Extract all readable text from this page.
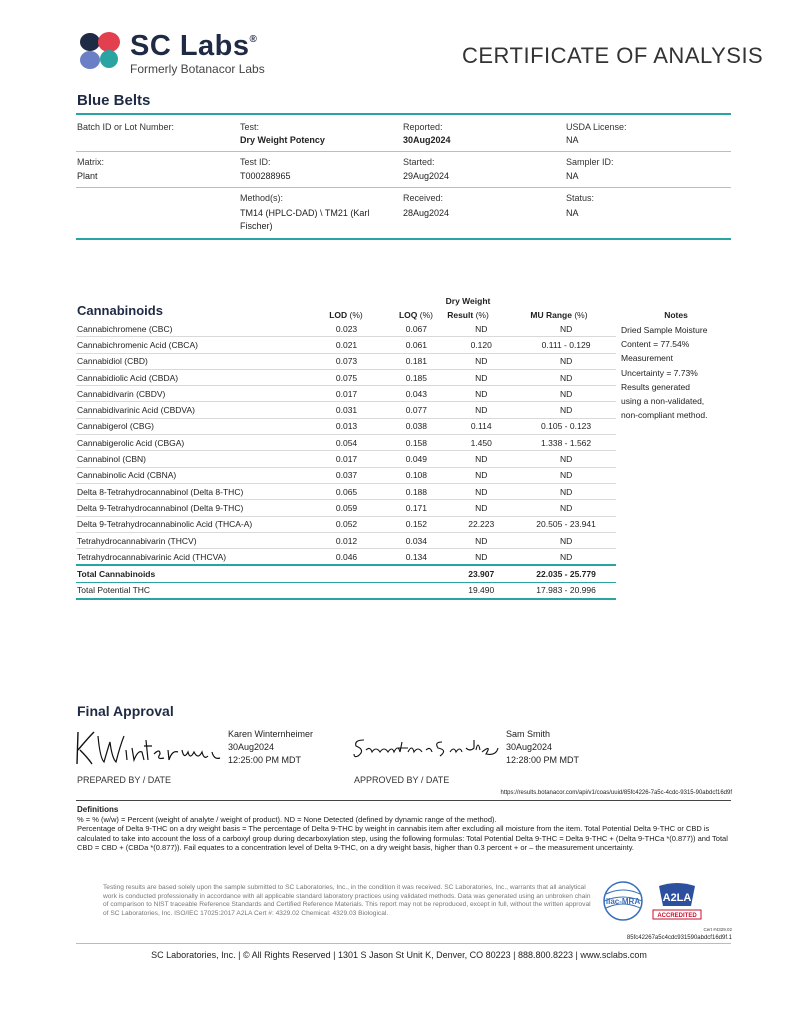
SC Labs®
Formerly Botanacor Labs
CERTIFICATE OF ANALYSIS
Blue Belts
Batch ID or Lot Number:	Test:
Dry Weight Potency
Reported:
30Aug2024
USDA License:
NA
Matrix:
Plant
Test ID:
T000288965
Started:
29Aug2024
Sampler ID:
NA
Method(s):
TM14 (HPLC-DAD) \ TM21 (Karl
Fischer)
Received:
28Aug2024
Status:
NA
Cannabinoids	LOD (%)	LOQ (%)
Dry Weight
Result (%)	MU Range (%)	Notes
Cannabichromene (CBC)	0.023	0.067	ND	ND
Cannabichromenic Acid (CBCA)	0.021	0.061	0.120	0.111 - 0.129
Cannabidiol (CBD)	0.073	0.181	ND	ND
Cannabidiolic Acid (CBDA)	0.075	0.185	ND	ND
Cannabidivarin (CBDV)	0.017	0.043	ND	ND
Cannabidivarinic Acid (CBDVA)	0.031	0.077	ND	ND
Cannabigerol (CBG)	0.013	0.038	0.114	0.105 - 0.123
Cannabigerolic Acid (CBGA)	0.054	0.158	1.450	1.338 - 1.562
Cannabinol (CBN)	0.017	0.049	ND	ND
Cannabinolic Acid (CBNA)	0.037	0.108	ND	ND
Delta 8-Tetrahydrocannabinol (Delta 8-THC)	0.065	0.188	ND	ND
Delta 9-Tetrahydrocannabinol (Delta 9-THC)	0.059	0.171	ND	ND
Delta 9-Tetrahydrocannabinolic Acid (THCA-A)	0.052	0.152	22.223	20.505 - 23.941
Tetrahydrocannabivarin (THCV)	0.012	0.034	ND	ND
Tetrahydrocannabivarinic Acid (THCVA)	0.046	0.134	ND	ND
Total Cannabinoids			23.907	22.035 - 25.779
Total Potential THC			19.490	17.983 - 20.996
Dried Sample Moisture
Content = 77.54%
Measurement
Uncertainty = 7.73%
Results generated
using a non-validated,
non-compliant method.
Final Approval
Karen Winternheimer
30Aug2024
12:25:00 PM MDT
PREPARED BY / DATE
Sam Smith
30Aug2024
12:28:00 PM MDT
APPROVED BY / DATE
https://results.botanacor.com/api/v1/coas/uuid/85fc4226-7a5c-4cdc-9315-90abdcf16d9f
Definitions
% = % (w/w) = Percent (weight of analyte / weight of product). ND = None Detected (defined by dynamic range of the method).
Percentage of Delta 9-THC on a dry weight basis = The percentage of Delta 9-THC by weight in cannabis item after excluding all moisture from the item. Total Potential Delta 9-THC or CBD is calculated to take into account the loss of a carboxyl group during decarboxylation step, using the following formulas: Total Potential Delta 9-THC = Delta 9-THC + (Delta 9-THCa *(0.877)) and Total CBD = CBD + (CBDa *(0.877)). Fail equates to a concentration level of Delta 9-THC, on a dry weight basis, higher than 0.3 percent + or – the measurement uncertainty.
Testing results are based solely upon the sample submitted to SC Laboratories, Inc., in the condition it was received. SC Laboratories, Inc., warrants that all analytical work is conducted professionally in accordance with all applicable standard laboratory practices using validated methods. Data was generated using an unbroken chain of comparison to NIST traceable Reference Standards and Certified Reference Materials. This report may not be reproduced, except in full, without the written approval of SC Laboratories, Inc. ISO/IEC 17025:2017 A2LA Cert #: 4329.02 Chemical: 4329.03 Biological.
ilac-MRA A2LA
ACCREDITED
Cert #4329.02
85fc42267a5c4cdc931590abdcf16d9f.1
SC Laboratories, Inc. | © All Rights Reserved | 1301 S Jason St Unit K, Denver, CO 80223 | 888.800.8223 | www.sclabs.com
